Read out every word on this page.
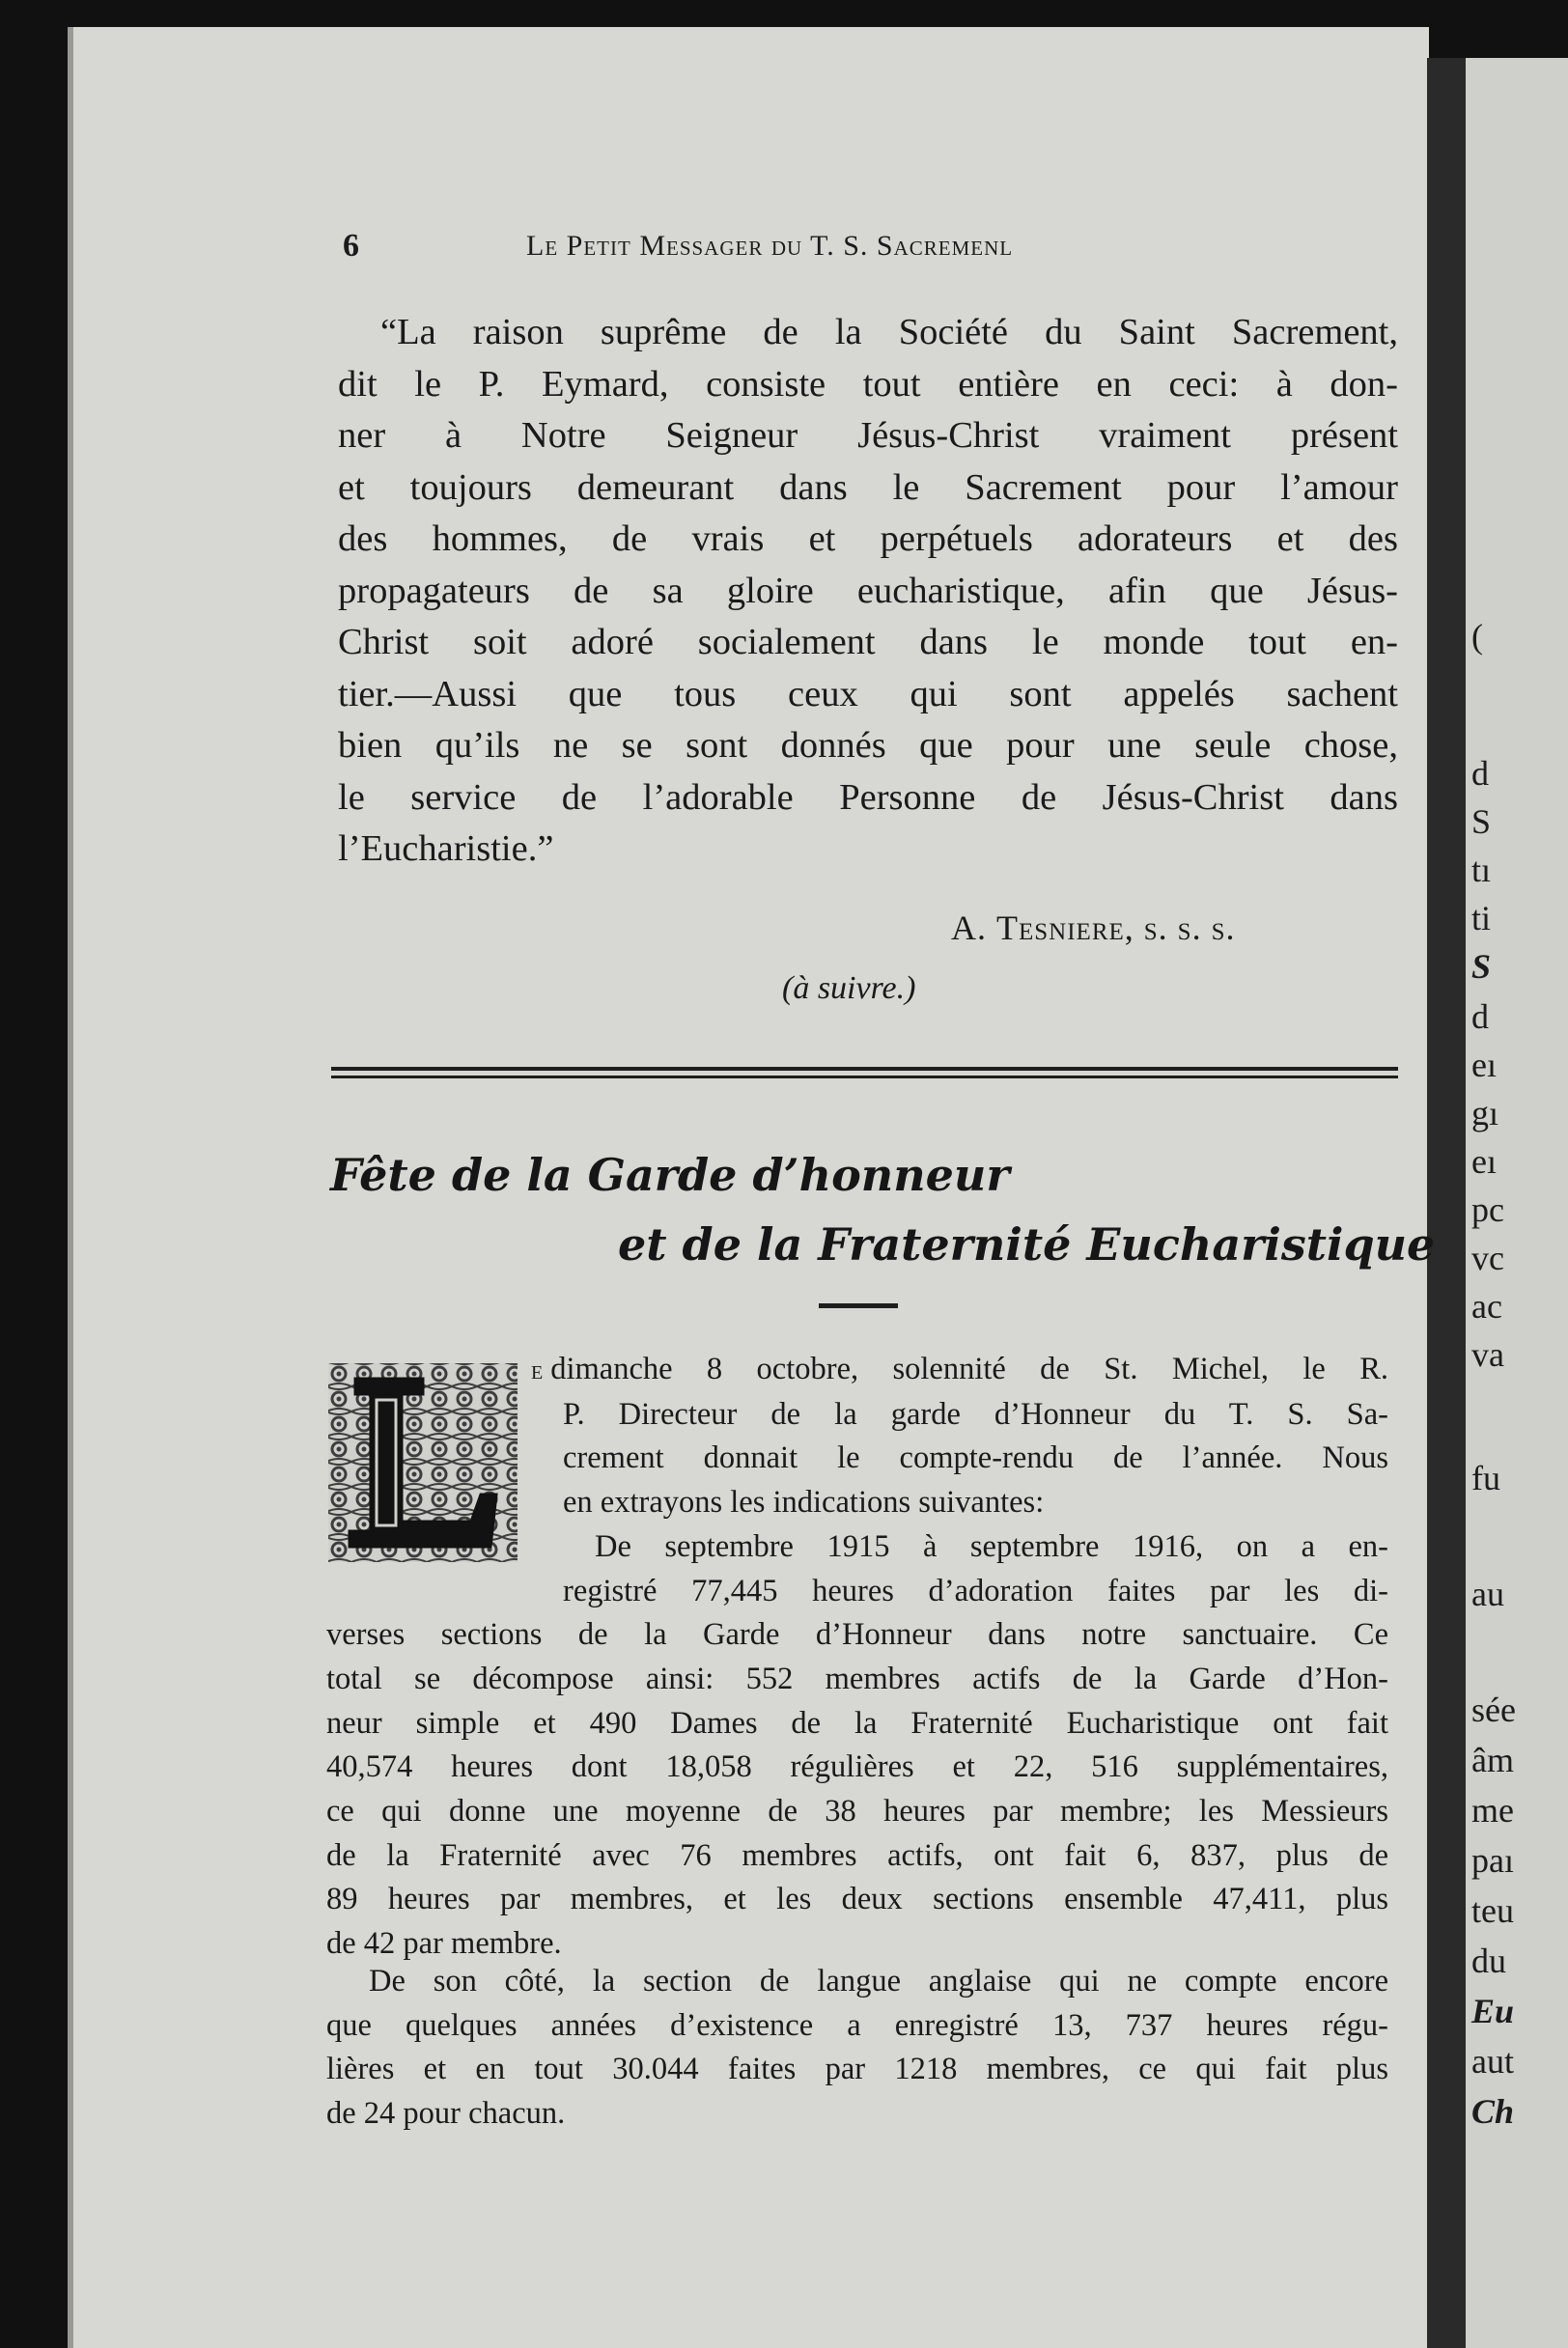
(
d
S
tı
ti
S
d
eı
gı
eı
pc
vc
ac
va
fu
au
sée
âm
me
paı
teu
du
Eu
aut
Ch
6	Le Petit Messager du T. S. Sacremenl
“La raison suprême de la Société du Saint Sacrement,
dit le P. Eymard, consiste tout entière en ceci: à don-
ner à Notre Seigneur Jésus-Christ vraiment présent
et toujours demeurant dans le Sacrement pour l’amour
des hommes, de vrais et perpétuels adorateurs et des
propagateurs de sa gloire eucharistique, afin que Jésus-
Christ soit adoré socialement dans le monde tout en-
tier.—Aussi que tous ceux qui sont appelés sachent
bien qu’ils ne se sont donnés que pour une seule chose,
le service de l’adorable Personne de Jésus-Christ dans
l’Eucharistie.”
A. Tesniere, s. s. s.
(à suivre.)
Fête de la Garde d’honneur
et de la Fraternité Eucharistique
L	e dimanche 8 octobre, solennité de St. Michel, le R.
P. Directeur de la garde d’Honneur du T. S. Sa-
crement donnait le compte-rendu de l’année. Nous
en extrayons les indications suivantes:
De septembre 1915 à septembre 1916, on a en-
registré 77,445 heures d’adoration faites par les di-
verses sections de la Garde d’Honneur dans notre sanctuaire. Ce
total se décompose ainsi: 552 membres actifs de la Garde d’Hon-
neur simple et 490 Dames de la Fraternité Eucharistique ont fait
40,574 heures dont 18,058 régulières et 22, 516 supplémentaires,
ce qui donne une moyenne de 38 heures par membre; les Messieurs
de la Fraternité avec 76 membres actifs, ont fait 6, 837, plus de
89 heures par membres, et les deux sections ensemble 47,411, plus
de 42 par membre.
De son côté, la section de langue anglaise qui ne compte encore
que quelques années d’existence a enregistré 13, 737 heures régu-
lières et en tout 30.044 faites par 1218 membres, ce qui fait plus
de 24 pour chacun.
